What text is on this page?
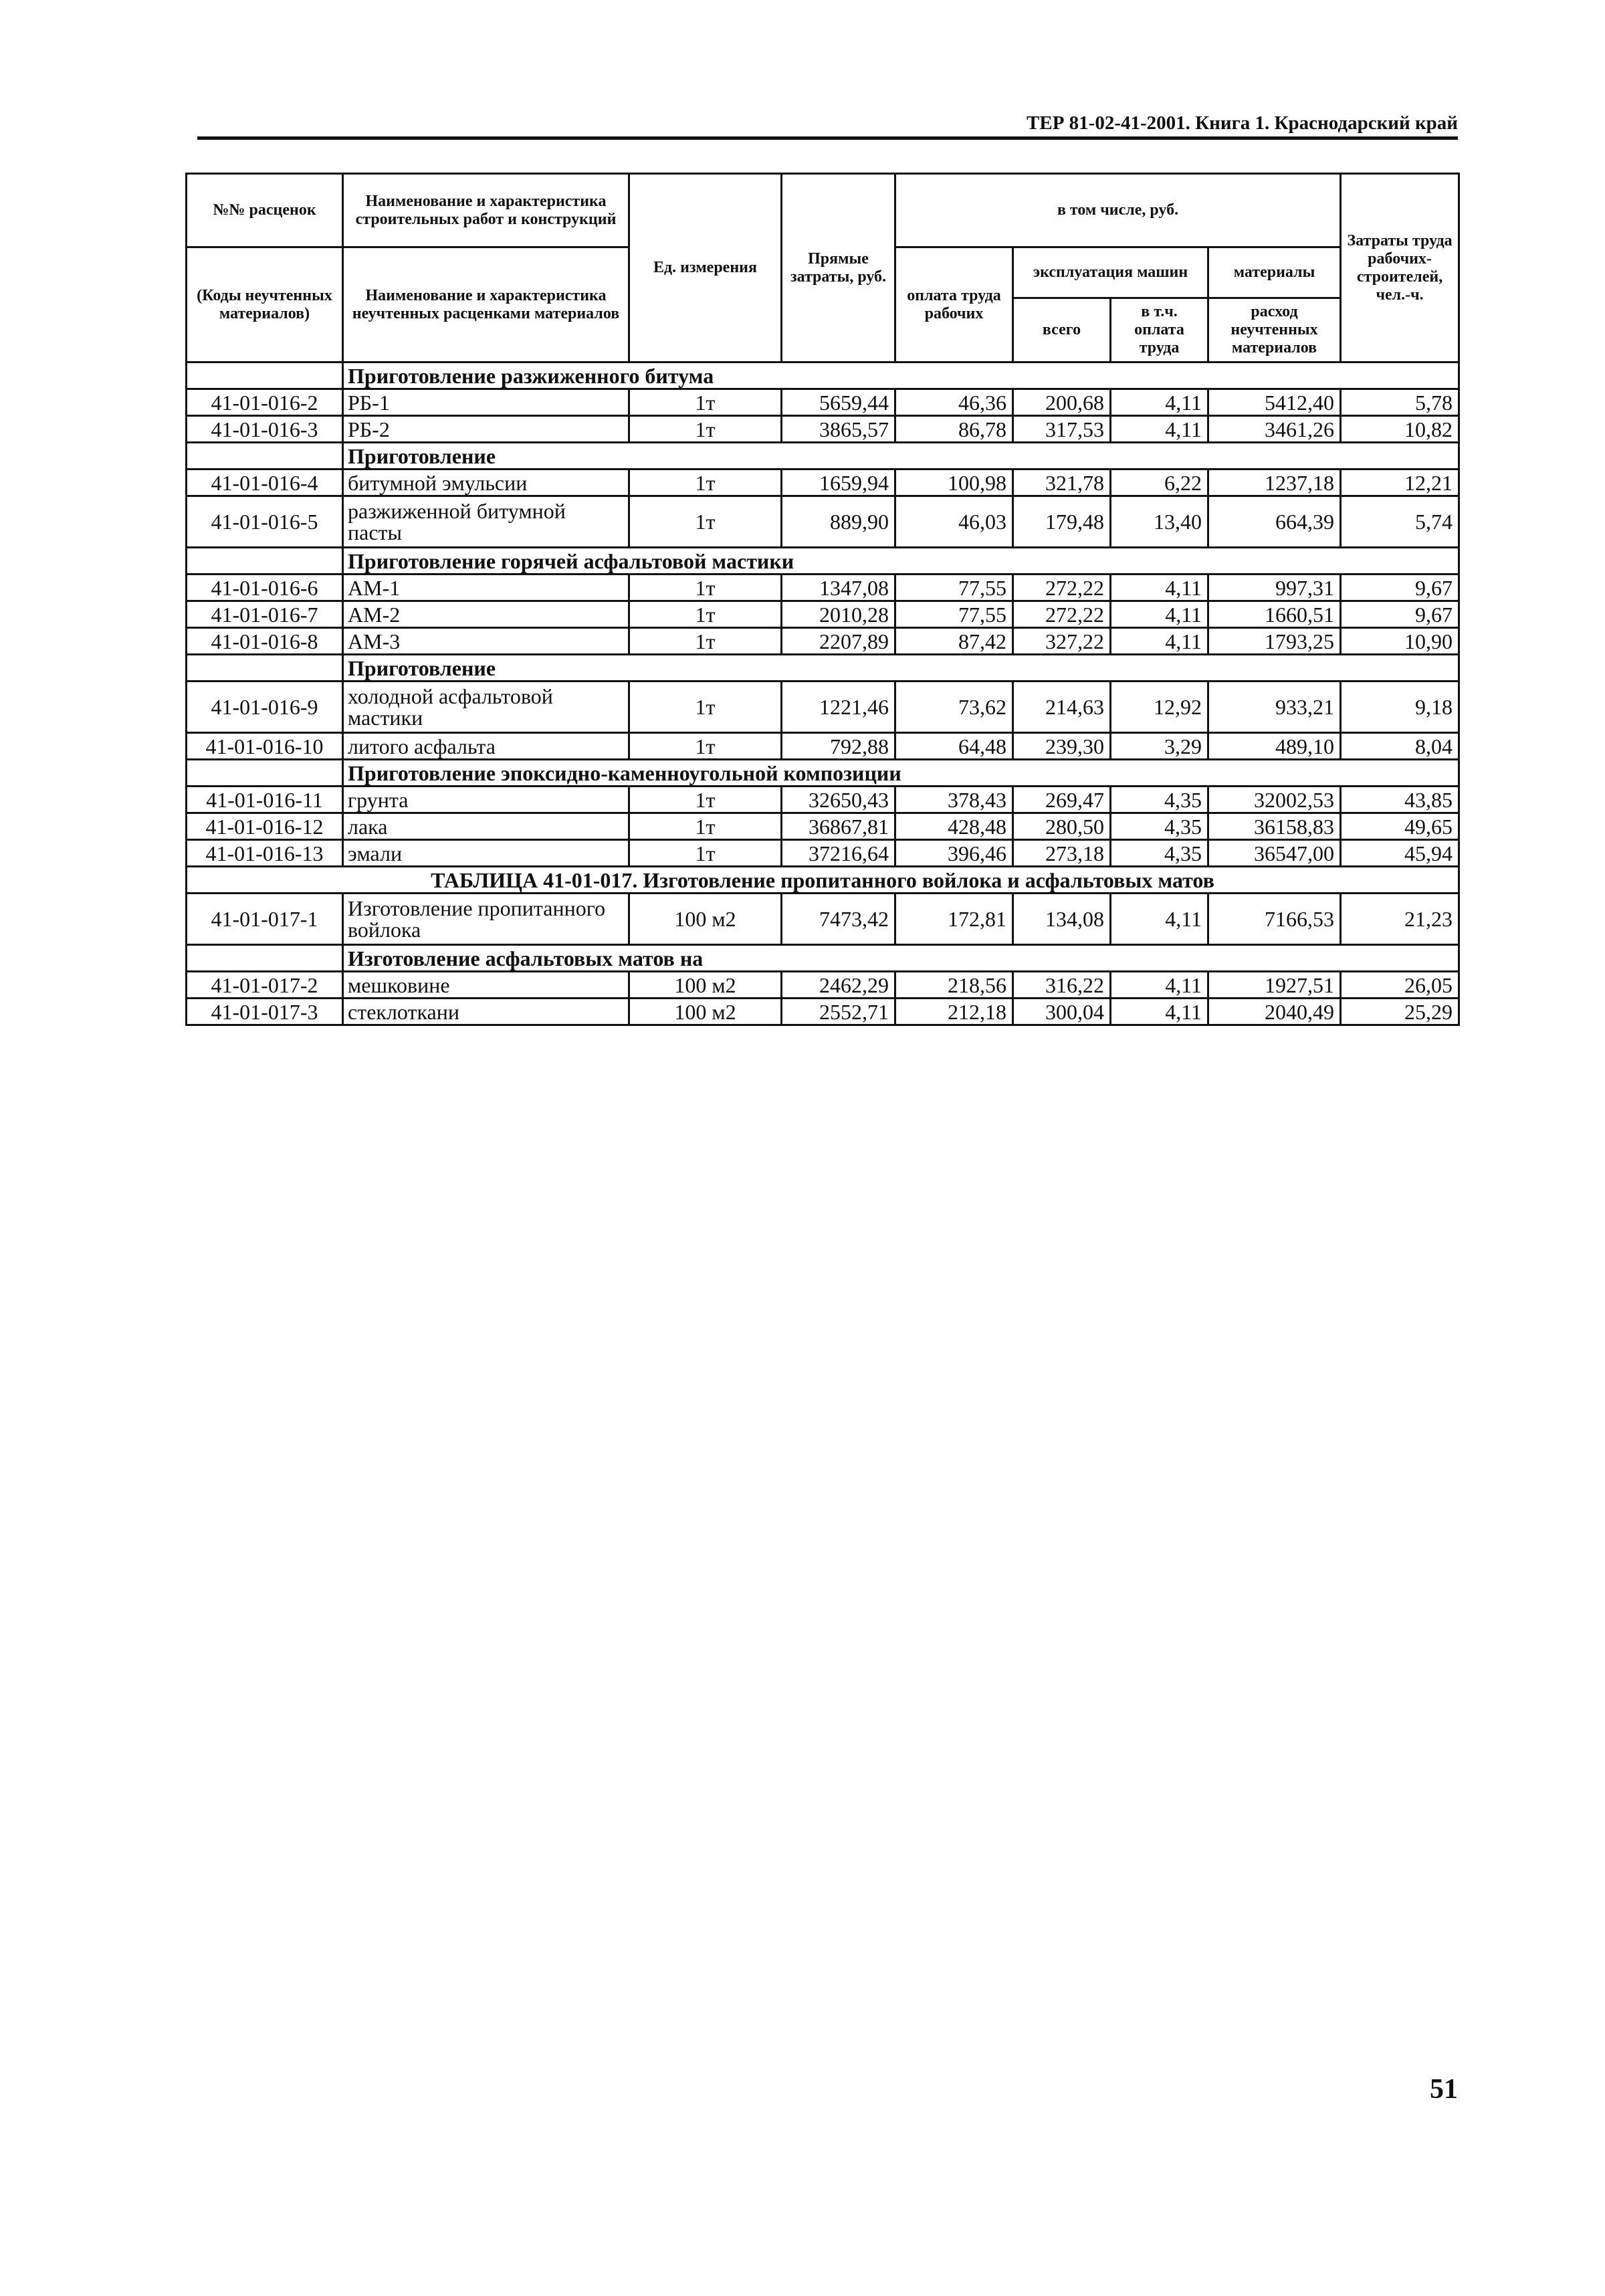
ТЕР 81-02-41-2001. Книга 1. Краснодарский край
№№ расценок	Наименование и характеристика строительных работ и конструкций	Ед. измерения	Прямые затраты, руб.	в том числе, руб.				Затраты труда рабочих-строителей, чел.-ч.
(Коды неучтенных материалов)	Наименование и характеристика неучтенных расценками материалов			оплата труда рабочих	эксплуатация машин		материалы	
					всего	в т.ч. оплата труда	расход неучтенных материалов	

	Приготовление разжиженного битума							
41-01-016-2	РБ-1	1т	5659,44	46,36	200,68	4,11	5412,40	5,78
41-01-016-3	РБ-2	1т	3865,57	86,78	317,53	4,11	3461,26	10,82
	Приготовление							
41-01-016-4	битумной эмульсии	1т	1659,94	100,98	321,78	6,22	1237,18	12,21
41-01-016-5	разжиженной битумной пасты	1т	889,90	46,03	179,48	13,40	664,39	5,74
	Приготовление горячей асфальтовой мастики							
41-01-016-6	АМ-1	1т	1347,08	77,55	272,22	4,11	997,31	9,67
41-01-016-7	АМ-2	1т	2010,28	77,55	272,22	4,11	1660,51	9,67
41-01-016-8	АМ-3	1т	2207,89	87,42	327,22	4,11	1793,25	10,90
	Приготовление							
41-01-016-9	холодной асфальтовой мастики	1т	1221,46	73,62	214,63	12,92	933,21	9,18
41-01-016-10	литого асфальта	1т	792,88	64,48	239,30	3,29	489,10	8,04
	Приготовление эпоксидно-каменноугольной композиции							
41-01-016-11	грунта	1т	32650,43	378,43	269,47	4,35	32002,53	43,85
41-01-016-12	лака	1т	36867,81	428,48	280,50	4,35	36158,83	49,65
41-01-016-13	эмали	1т	37216,64	396,46	273,18	4,35	36547,00	45,94
ТАБЛИЦА 41-01-017. Изготовление пропитанного войлока и асфальтовых матов								
41-01-017-1	Изготовление пропитанного войлока	100 м2	7473,42	172,81	134,08	4,11	7166,53	21,23
	Изготовление асфальтовых матов на							
41-01-017-2	мешковине	100 м2	2462,29	218,56	316,22	4,11	1927,51	26,05
41-01-017-3	стеклоткани	100 м2	2552,71	212,18	300,04	4,11	2040,49	25,29
51
